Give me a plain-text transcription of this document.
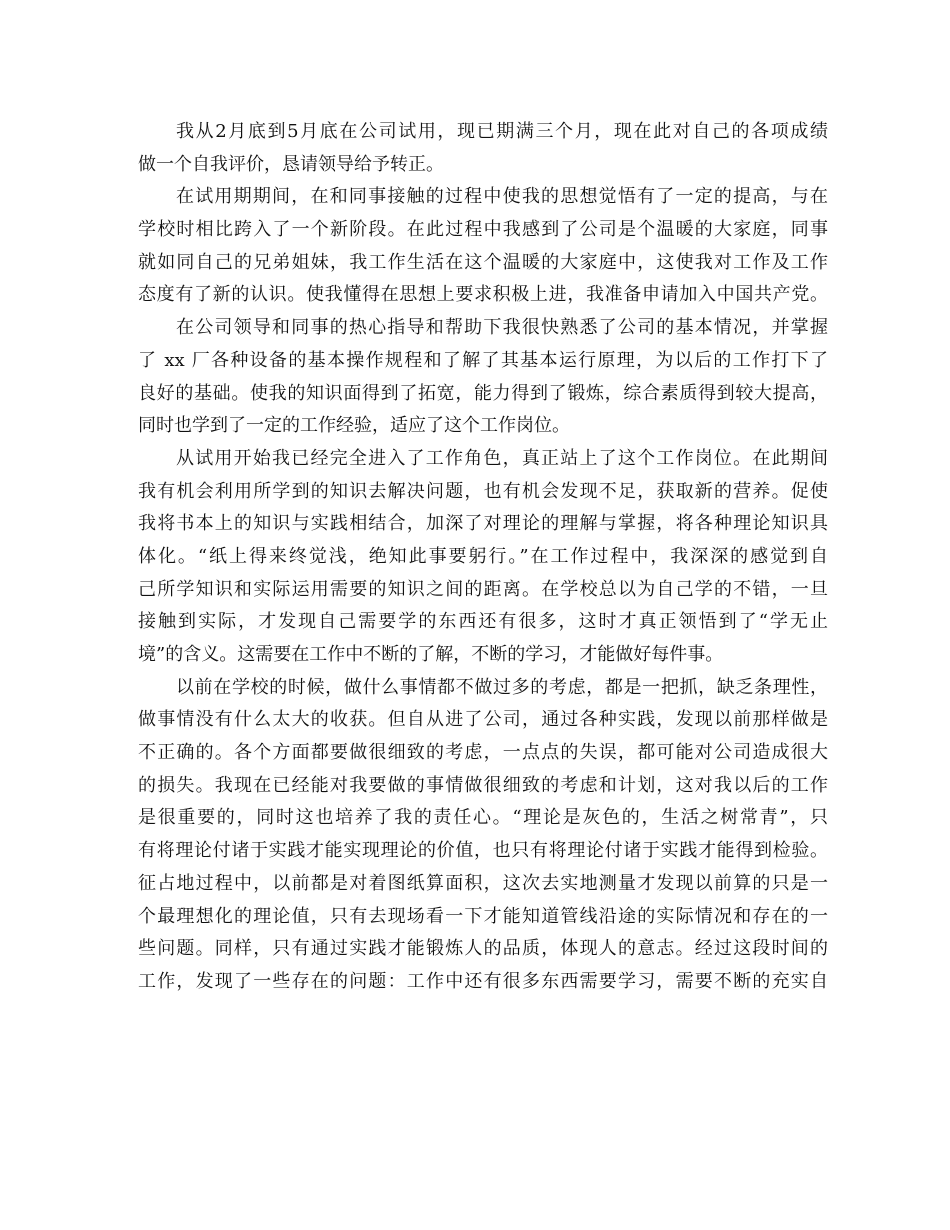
我从2月底到5月底在公司试用，现已期满三个月，现在此对自己的各项成绩
做一个自我评价，恳请领导给予转正。
在试用期期间，在和同事接触的过程中使我的思想觉悟有了一定的提高，与在
学校时相比跨入了一个新阶段。在此过程中我感到了公司是个温暖的大家庭，同事
就如同自己的兄弟姐妹，我工作生活在这个温暖的大家庭中，这使我对工作及工作
态度有了新的认识。使我懂得在思想上要求积极上进，我准备申请加入中国共产党。
在公司领导和同事的热心指导和帮助下我很快熟悉了公司的基本情况，并掌握
了 xx 厂各种设备的基本操作规程和了解了其基本运行原理，为以后的工作打下了
良好的基础。使我的知识面得到了拓宽，能力得到了锻炼，综合素质得到较大提高，
同时也学到了一定的工作经验，适应了这个工作岗位。
从试用开始我已经完全进入了工作角色，真正站上了这个工作岗位。在此期间
我有机会利用所学到的知识去解决问题，也有机会发现不足，获取新的营养。促使
我将书本上的知识与实践相结合，加深了对理论的理解与掌握，将各种理论知识具
体化。“纸上得来终觉浅，绝知此事要躬行。”在工作过程中，我深深的感觉到自
己所学知识和实际运用需要的知识之间的距离。在学校总以为自己学的不错，一旦
接触到实际，才发现自己需要学的东西还有很多，这时才真正领悟到了“学无止
境”的含义。这需要在工作中不断的了解，不断的学习，才能做好每件事。
以前在学校的时候，做什么事情都不做过多的考虑，都是一把抓，缺乏条理性，
做事情没有什么太大的收获。但自从进了公司，通过各种实践，发现以前那样做是
不正确的。各个方面都要做很细致的考虑，一点点的失误，都可能对公司造成很大
的损失。我现在已经能对我要做的事情做很细致的考虑和计划，这对我以后的工作
是很重要的，同时这也培养了我的责任心。“理论是灰色的，生活之树常青”，只
有将理论付诸于实践才能实现理论的价值，也只有将理论付诸于实践才能得到检验。
征占地过程中，以前都是对着图纸算面积，这次去实地测量才发现以前算的只是一
个最理想化的理论值，只有去现场看一下才能知道管线沿途的实际情况和存在的一
些问题。同样，只有通过实践才能锻炼人的品质，体现人的意志。经过这段时间的
工作，发现了一些存在的问题：工作中还有很多东西需要学习，需要不断的充实自
